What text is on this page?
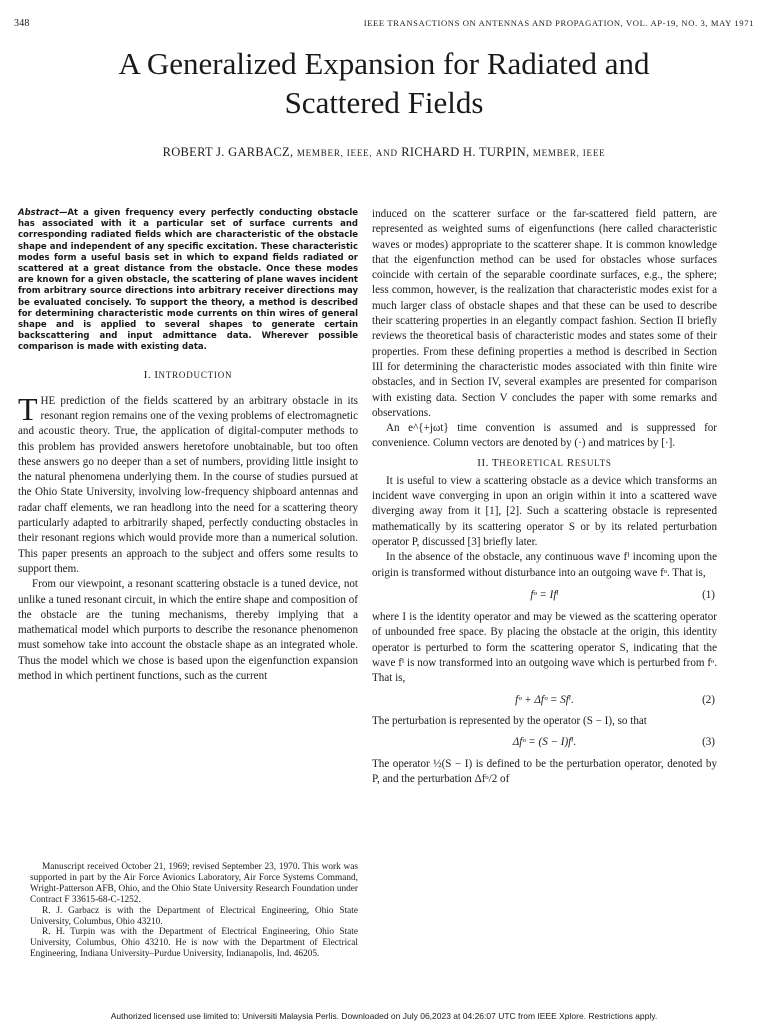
348	IEEE TRANSACTIONS ON ANTENNAS AND PROPAGATION, VOL. AP-19, NO. 3, MAY 1971
A Generalized Expansion for Radiated and
Scattered Fields
ROBERT J. GARBACZ, MEMBER, IEEE, AND RICHARD H. TURPIN, MEMBER, IEEE

Abstract—At a given frequency every perfectly conducting obstacle has associated with it a particular set of surface currents and corresponding radiated fields which are characteristic of the obstacle shape and independent of any specific excitation. These characteristic modes form a useful basis set in which to expand fields radiated or scattered at a great distance from the obstacle. Once these modes are known for a given obstacle, the scattering of plane waves incident from arbitrary source directions into arbitrary receiver directions may be evaluated concisely. To support the theory, a method is described for determining characteristic mode currents on thin wires of general shape and is applied to several shapes to generate certain backscattering and input admittance data. Wherever possible comparison is made with existing data.

I. INTRODUCTION

THE prediction of the fields scattered by an arbitrary obstacle in its resonant region remains one of the vexing problems of electromagnetic and acoustic theory. True, the application of digital-computer methods to this problem has provided answers heretofore unobtainable, but too often these answers go no deeper than a set of numbers, providing little insight to the natural phenomena underlying them. In the course of studies pursued at the Ohio State University, involving low-frequency shipboard antennas and radar chaff elements, we ran headlong into the need for a scattering theory particularly adapted to arbitrarily shaped, perfectly conducting obstacles in their resonant regions which would provide more than a numerical solution. This paper presents an approach to the subject and offers some results to support them.

From our viewpoint, a resonant scattering obstacle is a tuned device, not unlike a tuned resonant circuit, in which the entire shape and composition of the obstacle are the tuning mechanisms, thereby implying that a mathematical model which purports to describe the resonance phenomenon must somehow take into account the obstacle shape as an integrated whole. Thus the model which we chose is based upon the eigenfunction expansion method in which pertinent functions, such as the current

Manuscript received October 21, 1969; revised September 23, 1970. This work was supported in part by the Air Force Avionics Laboratory, Air Force Systems Command, Wright-Patterson AFB, Ohio, and the Ohio State University Research Foundation under Contract F 33615-68-C-1252.

R. J. Garbacz is with the Department of Electrical Engineering, Ohio State University, Columbus, Ohio 43210.

R. H. Turpin was with the Department of Electrical Engineering, Ohio State University, Columbus, Ohio 43210. He is now with the Department of Electrical Engineering, Indiana University–Purdue University, Indianapolis, Ind. 46205.

induced on the scatterer surface or the far-scattered field pattern, are represented as weighted sums of eigenfunctions (here called characteristic waves or modes) appropriate to the scatterer shape. It is common knowledge that the eigenfunction method can be used for obstacles whose surfaces coincide with certain of the separable coordinate surfaces, e.g., the sphere; less common, however, is the realization that characteristic modes exist for a much larger class of obstacle shapes and that these can be used to describe their scattering properties in an elegantly compact fashion. Section II briefly reviews the theoretical basis of characteristic modes and states some of their properties. From these defining properties a method is described in Section III for determining the characteristic modes associated with thin finite wire obstacles, and in Section IV, several examples are presented for comparison with existing data. Section V concludes the paper with some remarks and observations.

An e^{+jωt} time convention is assumed and is suppressed for convenience. Column vectors are denoted by (·) and matrices by [·].

II. THEORETICAL RESULTS

It is useful to view a scattering obstacle as a device which transforms an incident wave converging in upon an origin within it into a scattered wave diverging away from it [1], [2]. Such a scattering obstacle is represented mathematically by its scattering operator S or by its related perturbation operator P, discussed [3] briefly later.

In the absence of the obstacle, any continuous wave fⁱ incoming upon the origin is transformed without disturbance into an outgoing wave fᵒ. That is,

fᵒ = Ifⁱ	(1)

where I is the identity operator and may be viewed as the scattering operator of unbounded free space. By placing the obstacle at the origin, this identity operator is perturbed to form the scattering operator S, indicating that the wave fⁱ is now transformed into an outgoing wave which is perturbed from fᵒ. That is,

fᵒ + Δfᵒ = Sfⁱ.	(2)

The perturbation is represented by the operator (S − I), so that

Δfᵒ = (S − I)fⁱ.	(3)

The operator ½(S − I) is defined to be the perturbation operator, denoted by P, and the perturbation Δfᵒ/2 of

Authorized licensed use limited to: Universiti Malaysia Perlis. Downloaded on July 06,2023 at 04:26:07 UTC from IEEE Xplore. Restrictions apply.
